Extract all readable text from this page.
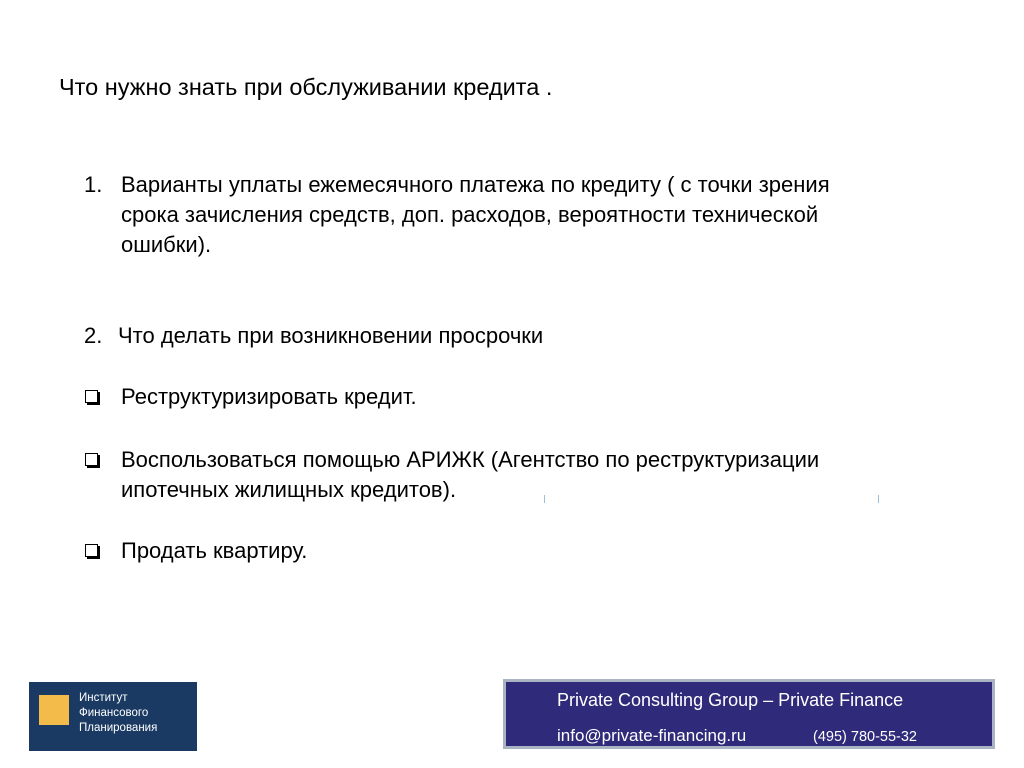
Что нужно знать при обслуживании кредита .
1. Варианты уплаты ежемесячного платежа по кредиту ( с точки зрения
срока зачисления средств, доп. расходов, вероятности технической
ошибки).
2. Что делать при возникновении просрочки
Реструктуризировать кредит.
Воспользоваться помощью АРИЖК (Агентство по реструктуризации
ипотечных жилищных кредитов).
Продать квартиру.
Институт
Финансового
Планирования
Private Consulting Group – Private Finance
info@private-financing.ru	(495) 780-55-32
